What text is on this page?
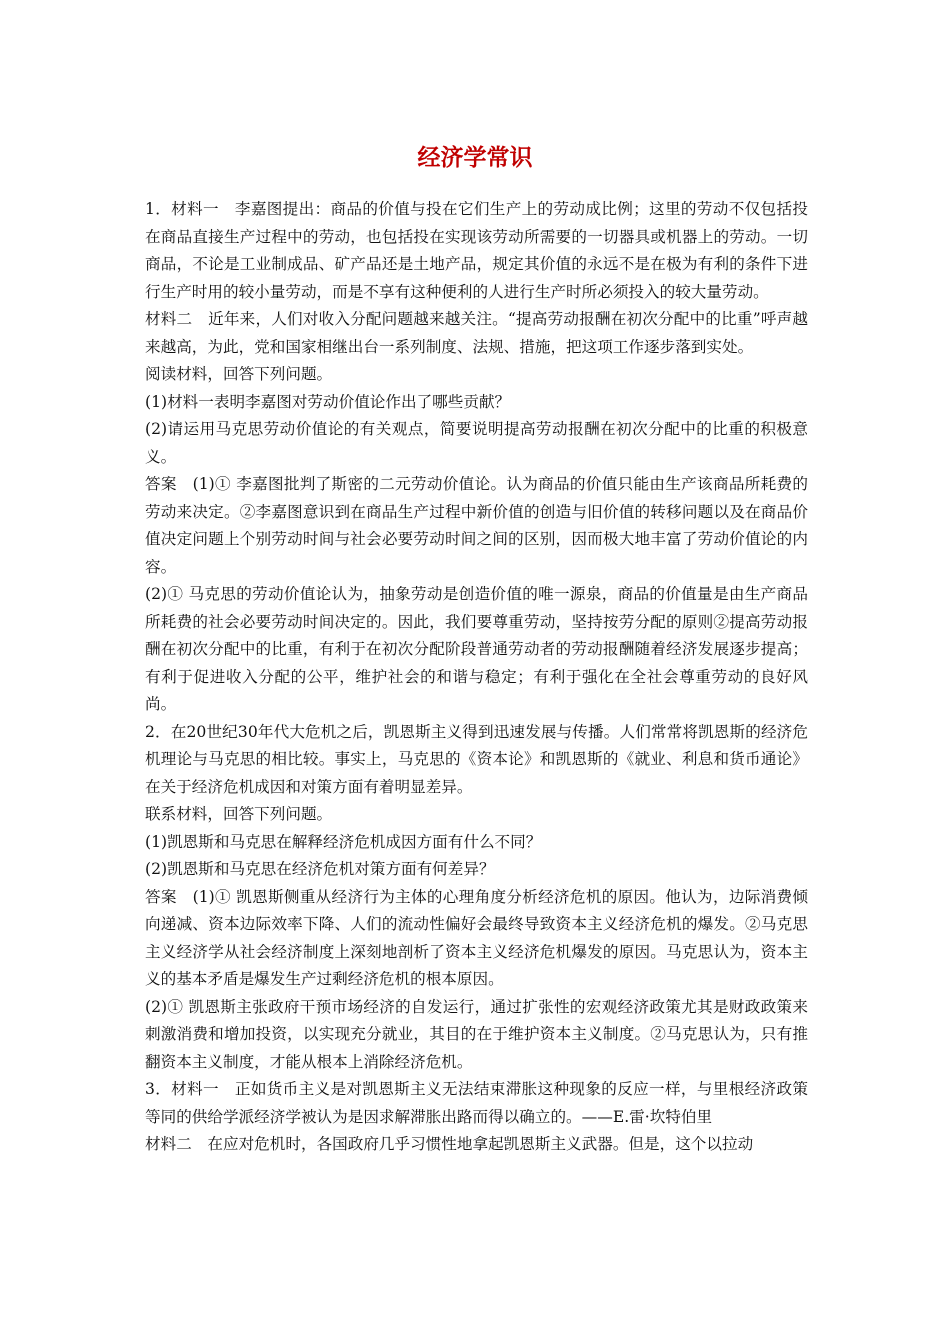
经济学常识

1．材料一　李嘉图提出：商品的价值与投在它们生产上的劳动成比例；这里的劳动不仅包括投在商品直接生产过程中的劳动，也包括投在实现该劳动所需要的一切器具或机器上的劳动。一切商品，不论是工业制成品、矿产品还是土地产品，规定其价值的永远不是在极为有利的条件下进行生产时用的较小量劳动，而是不享有这种便利的人进行生产时所必须投入的较大量劳动。

材料二　近年来，人们对收入分配问题越来越关注。“提高劳动报酬在初次分配中的比重”呼声越来越高，为此，党和国家相继出台一系列制度、法规、措施，把这项工作逐步落到实处。

阅读材料，回答下列问题。

(1)材料一表明李嘉图对劳动价值论作出了哪些贡献？

(2)请运用马克思劳动价值论的有关观点，简要说明提高劳动报酬在初次分配中的比重的积极意义。

答案　(1)① 李嘉图批判了斯密的二元劳动价值论。认为商品的价值只能由生产该商品所耗费的劳动来决定。②李嘉图意识到在商品生产过程中新价值的创造与旧价值的转移问题以及在商品价值决定问题上个别劳动时间与社会必要劳动时间之间的区别，因而极大地丰富了劳动价值论的内容。

(2)① 马克思的劳动价值论认为，抽象劳动是创造价值的唯一源泉，商品的价值量是由生产商品所耗费的社会必要劳动时间决定的。因此，我们要尊重劳动，坚持按劳分配的原则②提高劳动报酬在初次分配中的比重，有利于在初次分配阶段普通劳动者的劳动报酬随着经济发展逐步提高；有利于促进收入分配的公平，维护社会的和谐与稳定；有利于强化在全社会尊重劳动的良好风尚。

2．在20世纪30年代大危机之后，凯恩斯主义得到迅速发展与传播。人们常常将凯恩斯的经济危机理论与马克思的相比较。事实上，马克思的《资本论》和凯恩斯的《就业、利息和货币通论》在关于经济危机成因和对策方面有着明显差异。

联系材料，回答下列问题。

(1)凯恩斯和马克思在解释经济危机成因方面有什么不同？

(2)凯恩斯和马克思在经济危机对策方面有何差异？

答案　(1)① 凯恩斯侧重从经济行为主体的心理角度分析经济危机的原因。他认为，边际消费倾向递减、资本边际效率下降、人们的流动性偏好会最终导致资本主义经济危机的爆发。②马克思主义经济学从社会经济制度上深刻地剖析了资本主义经济危机爆发的原因。马克思认为，资本主义的基本矛盾是爆发生产过剩经济危机的根本原因。

(2)① 凯恩斯主张政府干预市场经济的自发运行，通过扩张性的宏观经济政策尤其是财政政策来刺激消费和增加投资，以实现充分就业，其目的在于维护资本主义制度。②马克思认为，只有推翻资本主义制度，才能从根本上消除经济危机。

3．材料一　正如货币主义是对凯恩斯主义无法结束滞胀这种现象的反应一样，与里根经济政策等同的供给学派经济学被认为是因求解滞胀出路而得以确立的。——E.雷·坎特伯里

材料二　在应对危机时，各国政府几乎习惯性地拿起凯恩斯主义武器。但是，这个以拉动
